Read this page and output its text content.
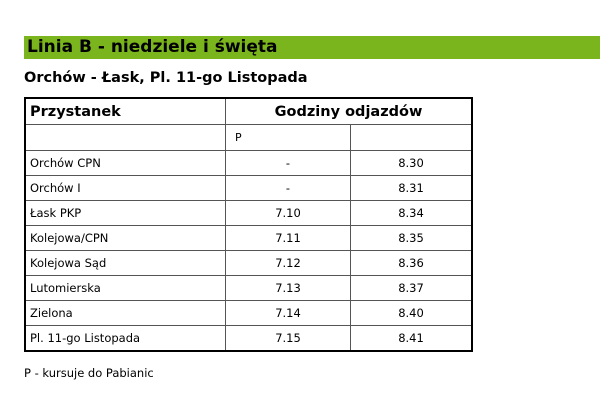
Linia B - niedziele i święta
Orchów - Łask, Pl. 11-go Listopada
Przystanek	Godziny odjazdów	
	P	
Orchów CPN	-	8.30
Orchów I	-	8.31
Łask PKP	7.10	8.34
Kolejowa/CPN	7.11	8.35
Kolejowa Sąd	7.12	8.36
Lutomierska	7.13	8.37
Zielona	7.14	8.40
Pl. 11-go Listopada	7.15	8.41
P - kursuje do Pabianic
